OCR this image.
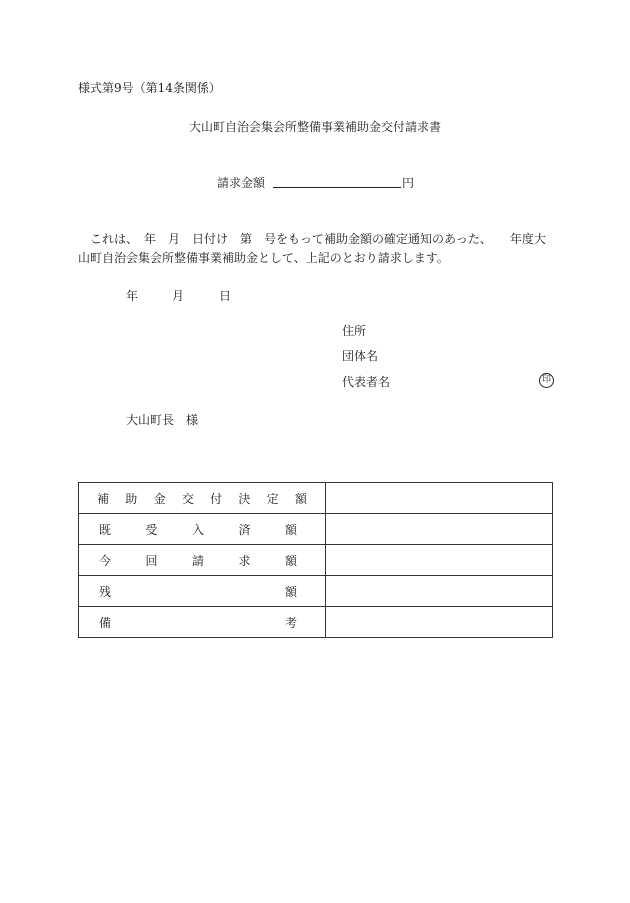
様式第9号（第14条関係）
大山町自治会集会所整備事業補助金交付請求書
請求金額	円
　これは、　年　月　日付け　第　号をもって補助金額の確定通知のあった、　　年度大
山町自治会集会所整備事業補助金として、上記のとおり請求します。
年	月	日
住所
団体名
代表者名	印
大山町長　様
補助金交付決定額	
既受入済額	
今回請求額	
残額	
備考	
